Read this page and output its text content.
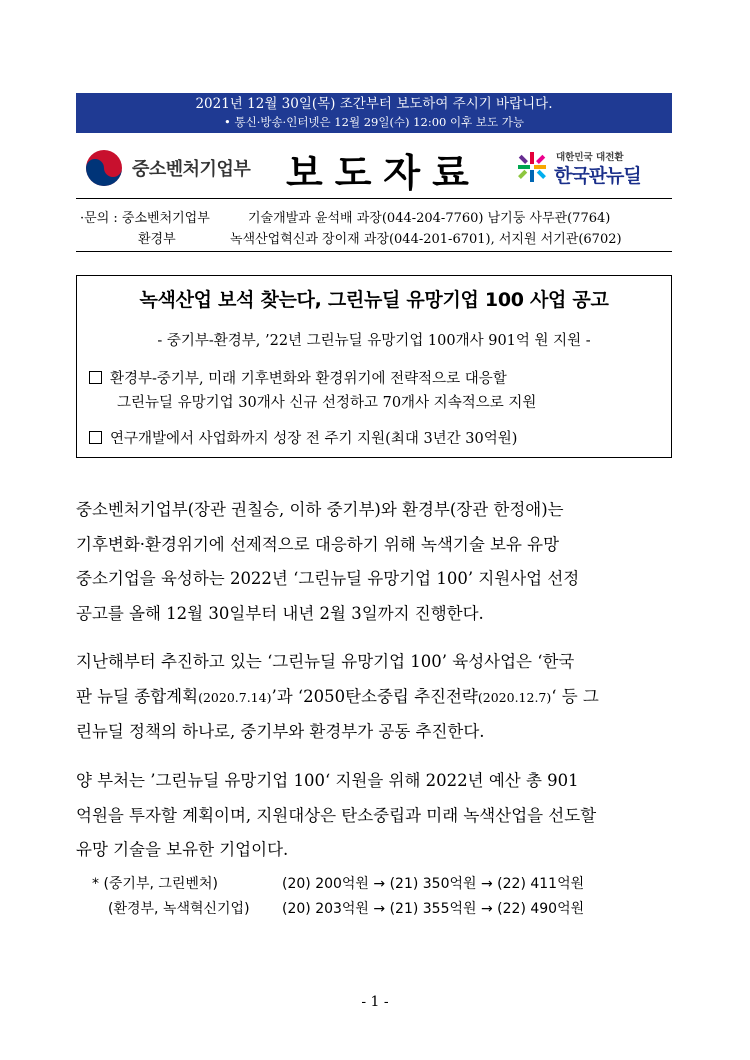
2021년 12월 30일(목) 조간부터 보도하여 주시기 바랍니다.
• 통신·방송·인터넷은 12월 29일(수) 12:00 이후 보도 가능
중소벤처기업부 보도자료	대한민국 대전환
한국판뉴딜
·문의 : 중소벤처기업부	기술개발과 윤석배 과장(044-204-7760) 남기둥 사무관(7764)
환경부	녹색산업혁신과 장이재 과장(044-201-6701), 서지원 서기관(6702)
녹색산업 보석 찾는다, 그린뉴딜 유망기업 100 사업 공고
- 중기부-환경부, ’22년 그린뉴딜 유망기업 100개사 901억 원 지원 -
환경부-중기부, 미래 기후변화와 환경위기에 전략적으로 대응할
그린뉴딜 유망기업 30개사 신규 선정하고 70개사 지속적으로 지원
연구개발에서 사업화까지 성장 전 주기 지원(최대 3년간 30억원)
중소벤처기업부(장관 권칠승, 이하 중기부)와 환경부(장관 한정애)는
기후변화·환경위기에 선제적으로 대응하기 위해 녹색기술 보유 유망
중소기업을 육성하는 2022년 ‘그린뉴딜 유망기업 100’ 지원사업 선정
공고를 올해 12월 30일부터 내년 2월 3일까지 진행한다.
지난해부터 추진하고 있는 ‘그린뉴딜 유망기업 100’ 육성사업은 ‘한국
판 뉴딜 종합계획(2020.7.14)’과 ‘2050탄소중립 추진전략(2020.12.7)‘ 등 그
린뉴딜 정책의 하나로, 중기부와 환경부가 공동 추진한다.
양 부처는 ’그린뉴딜 유망기업 100‘ 지원을 위해 2022년 예산 총 901
억원을 투자할 계획이며, 지원대상은 탄소중립과 미래 녹색산업을 선도할
유망 기술을 보유한 기업이다.
* (중기부, 그린벤처)	(20) 200억원 → (21) 350억원 → (22) 411억원
(환경부, 녹색혁신기업) (20) 203억원 → (21) 355억원 → (22) 490억원
- 1 -
